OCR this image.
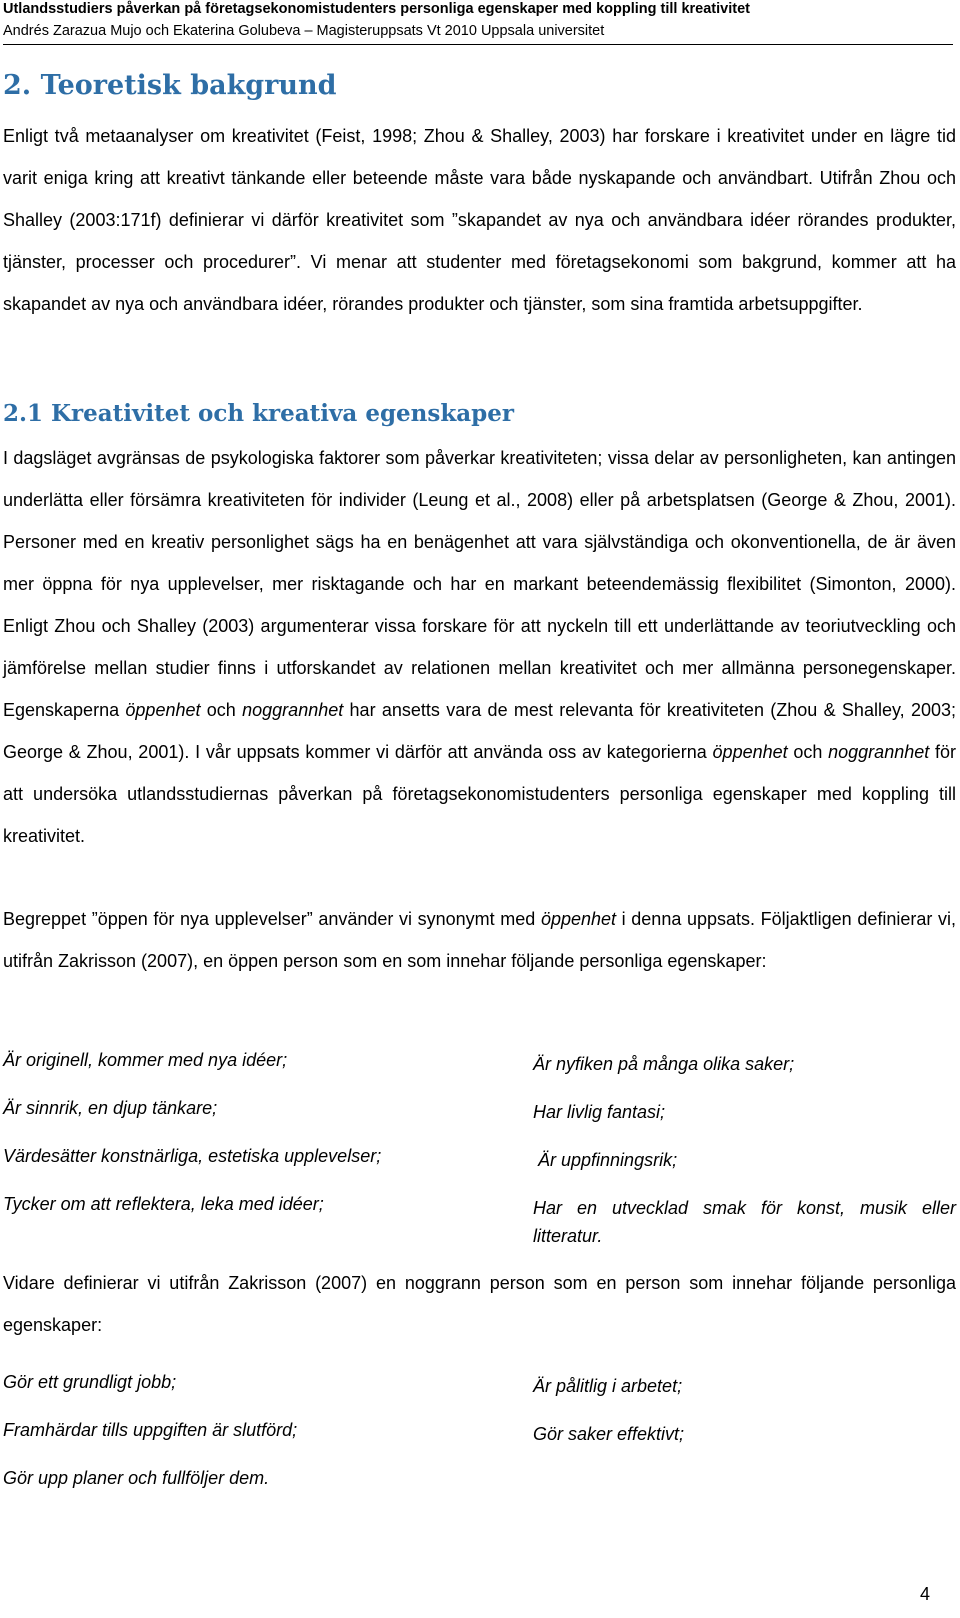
Utlandsstudiers påverkan på företagsekonomistudenters personliga egenskaper med koppling till kreativitet
Andrés Zarazua Mujo och Ekaterina Golubeva – Magisteruppsats Vt 2010 Uppsala universitet
2. Teoretisk bakgrund
Enligt två metaanalyser om kreativitet (Feist, 1998; Zhou & Shalley, 2003) har forskare i kreativitet under en lägre tid varit eniga kring att kreativt tänkande eller beteende måste vara både nyskapande och användbart. Utifrån Zhou och Shalley (2003:171f) definierar vi därför kreativitet som ”skapandet av nya och användbara idéer rörandes produkter, tjänster, processer och procedurer”. Vi menar att studenter med företagsekonomi som bakgrund, kommer att ha skapandet av nya och användbara idéer, rörandes produkter och tjänster, som sina framtida arbetsuppgifter.
2.1 Kreativitet och kreativa egenskaper
I dagsläget avgränsas de psykologiska faktorer som påverkar kreativiteten; vissa delar av personligheten, kan antingen underlätta eller försämra kreativiteten för individer (Leung et al., 2008) eller på arbetsplatsen (George & Zhou, 2001). Personer med en kreativ personlighet sägs ha en benägenhet att vara självständiga och okonventionella, de är även mer öppna för nya upplevelser, mer risktagande och har en markant beteendemässig flexibilitet (Simonton, 2000). Enligt Zhou och Shalley (2003) argumenterar vissa forskare för att nyckeln till ett underlättande av teoriutveckling och jämförelse mellan studier finns i utforskandet av relationen mellan kreativitet och mer allmänna personegenskaper. Egenskaperna öppenhet och noggrannhet har ansetts vara de mest relevanta för kreativiteten (Zhou & Shalley, 2003; George & Zhou, 2001). I vår uppsats kommer vi därför att använda oss av kategorierna öppenhet och noggrannhet för att undersöka utlandsstudiernas påverkan på företagsekonomistudenters personliga egenskaper med koppling till kreativitet.
Begreppet ”öppen för nya upplevelser” använder vi synonymt med öppenhet i denna uppsats. Följaktligen definierar vi, utifrån Zakrisson (2007), en öppen person som en som innehar följande personliga egenskaper:
Är originell, kommer med nya idéer;	Är nyfiken på många olika saker;
Är sinnrik, en djup tänkare;	Har livlig fantasi;
Värdesätter konstnärliga, estetiska upplevelser;	Är uppfinningsrik;
Tycker om att reflektera, leka med idéer;	Har en utvecklad smak för konst, musik eller litteratur.
Vidare definierar vi utifrån Zakrisson (2007) en noggrann person som en person som innehar följande personliga egenskaper:
Gör ett grundligt jobb;	Är pålitlig i arbetet;
Framhärdar tills uppgiften är slutförd;	Gör saker effektivt;
Gör upp planer och fullföljer dem.
4
